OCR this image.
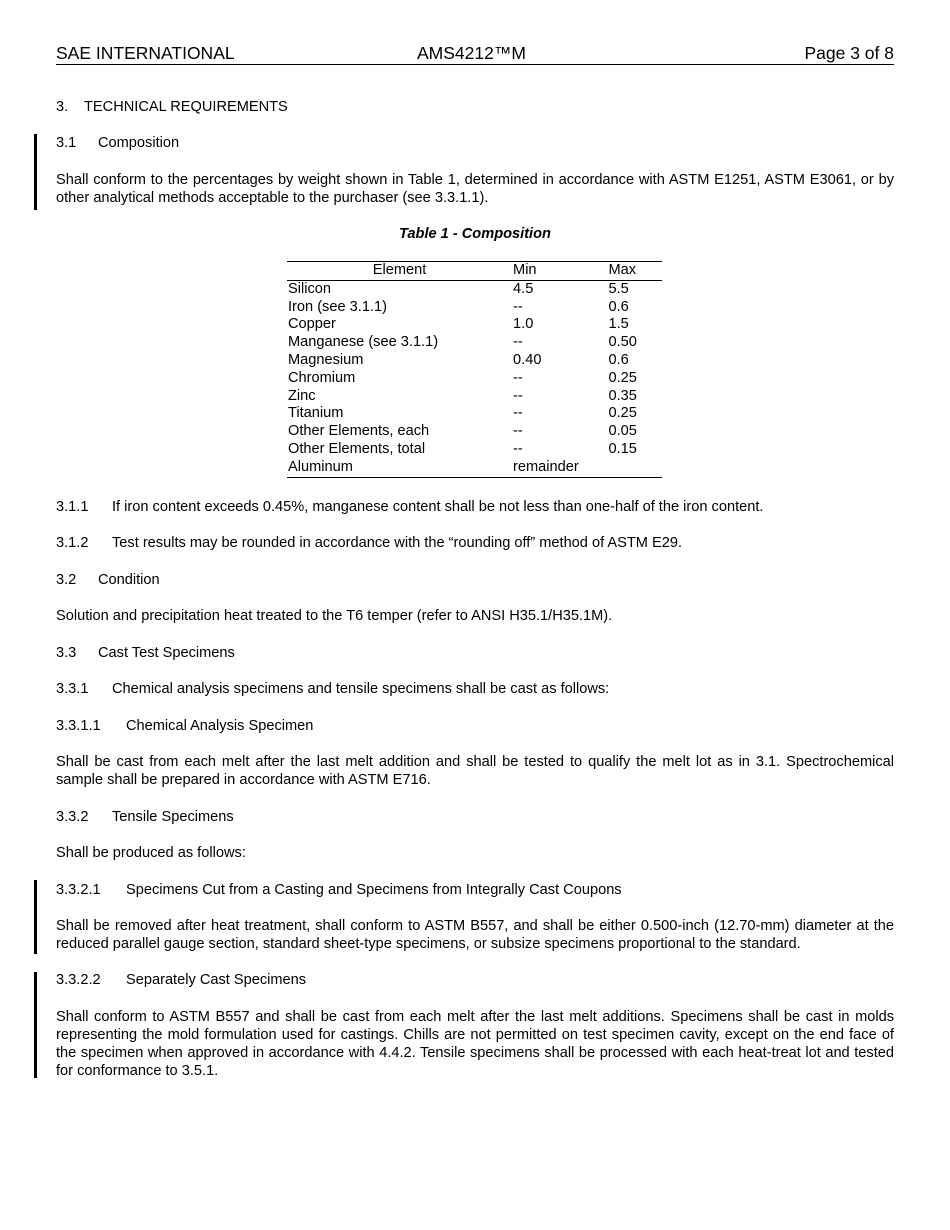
SAE INTERNATIONAL	AMS4212™M	Page 3 of 8
3. TECHNICAL REQUIREMENTS
3.1 Composition
Shall conform to the percentages by weight shown in Table 1, determined in accordance with ASTM E1251, ASTM E3061, or by other analytical methods acceptable to the purchaser (see 3.3.1.1).
Table 1 - Composition
Element	Min	Max
Silicon	4.5	5.5
Iron (see 3.1.1)	--	0.6
Copper	1.0	1.5
Manganese (see 3.1.1)	--	0.50
Magnesium	0.40	0.6
Chromium	--	0.25
Zinc	--	0.35
Titanium	--	0.25
Other Elements, each	--	0.05
Other Elements, total	--	0.15
Aluminum	remainder	
3.1.1 If iron content exceeds 0.45%, manganese content shall be not less than one-half of the iron content.
3.1.2 Test results may be rounded in accordance with the “rounding off” method of ASTM E29.
3.2 Condition
Solution and precipitation heat treated to the T6 temper (refer to ANSI H35.1/H35.1M).
3.3 Cast Test Specimens
3.3.1 Chemical analysis specimens and tensile specimens shall be cast as follows:
3.3.1.1 Chemical Analysis Specimen
Shall be cast from each melt after the last melt addition and shall be tested to qualify the melt lot as in 3.1. Spectrochemical sample shall be prepared in accordance with ASTM E716.
3.3.2 Tensile Specimens
Shall be produced as follows:
3.3.2.1 Specimens Cut from a Casting and Specimens from Integrally Cast Coupons
Shall be removed after heat treatment, shall conform to ASTM B557, and shall be either 0.500-inch (12.70-mm) diameter at the reduced parallel gauge section, standard sheet-type specimens, or subsize specimens proportional to the standard.
3.3.2.2 Separately Cast Specimens
Shall conform to ASTM B557 and shall be cast from each melt after the last melt additions. Specimens shall be cast in molds representing the mold formulation used for castings. Chills are not permitted on test specimen cavity, except on the end face of the specimen when approved in accordance with 4.4.2. Tensile specimens shall be processed with each heat-treat lot and tested for conformance to 3.5.1.
